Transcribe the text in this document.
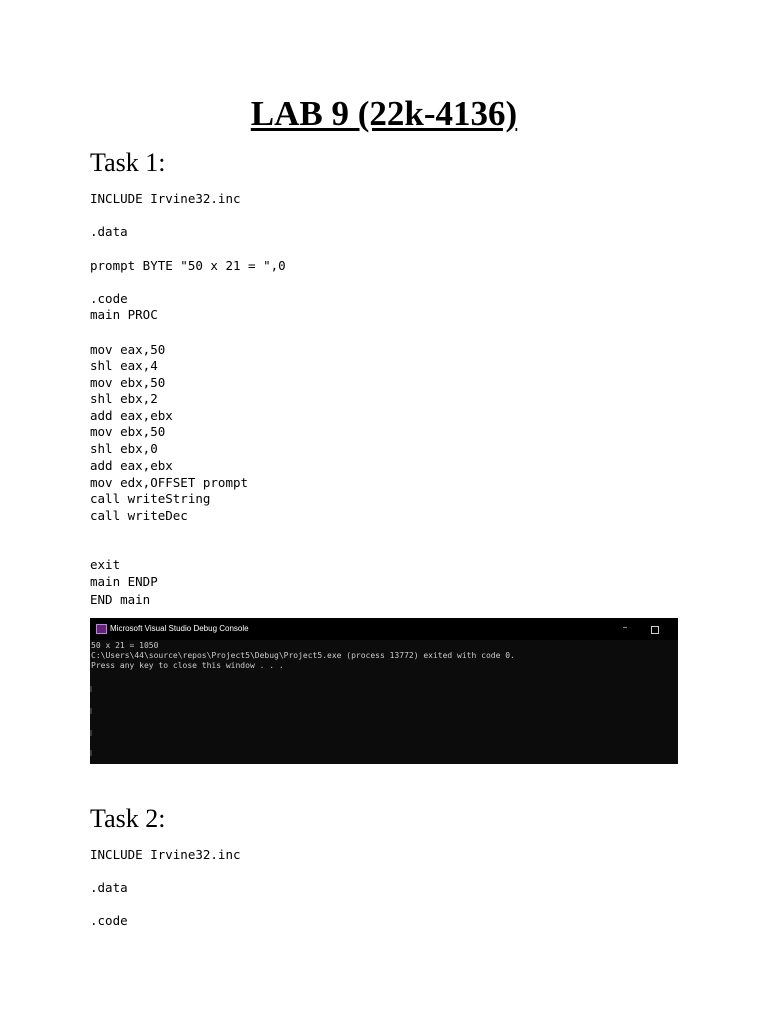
LAB 9 (22k-4136)
Task 1:

INCLUDE Irvine32.inc

.data

prompt BYTE "50 x 21 = ",0

.code

main PROC

mov eax,50

shl eax,4

mov ebx,50

shl ebx,2

add eax,ebx

mov ebx,50

shl ebx,0

add eax,ebx

mov edx,OFFSET prompt

call writeString

call writeDec

exit

main ENDP

END main

Microsoft Visual Studio Debug Console	–

50 x 21 = 1050

C:\Users\44\source\repos\Project5\Debug\Project5.exe (process 13772) exited with code 0.

Press any key to close this window . . .

Task 2:

INCLUDE Irvine32.inc

.data

.code
